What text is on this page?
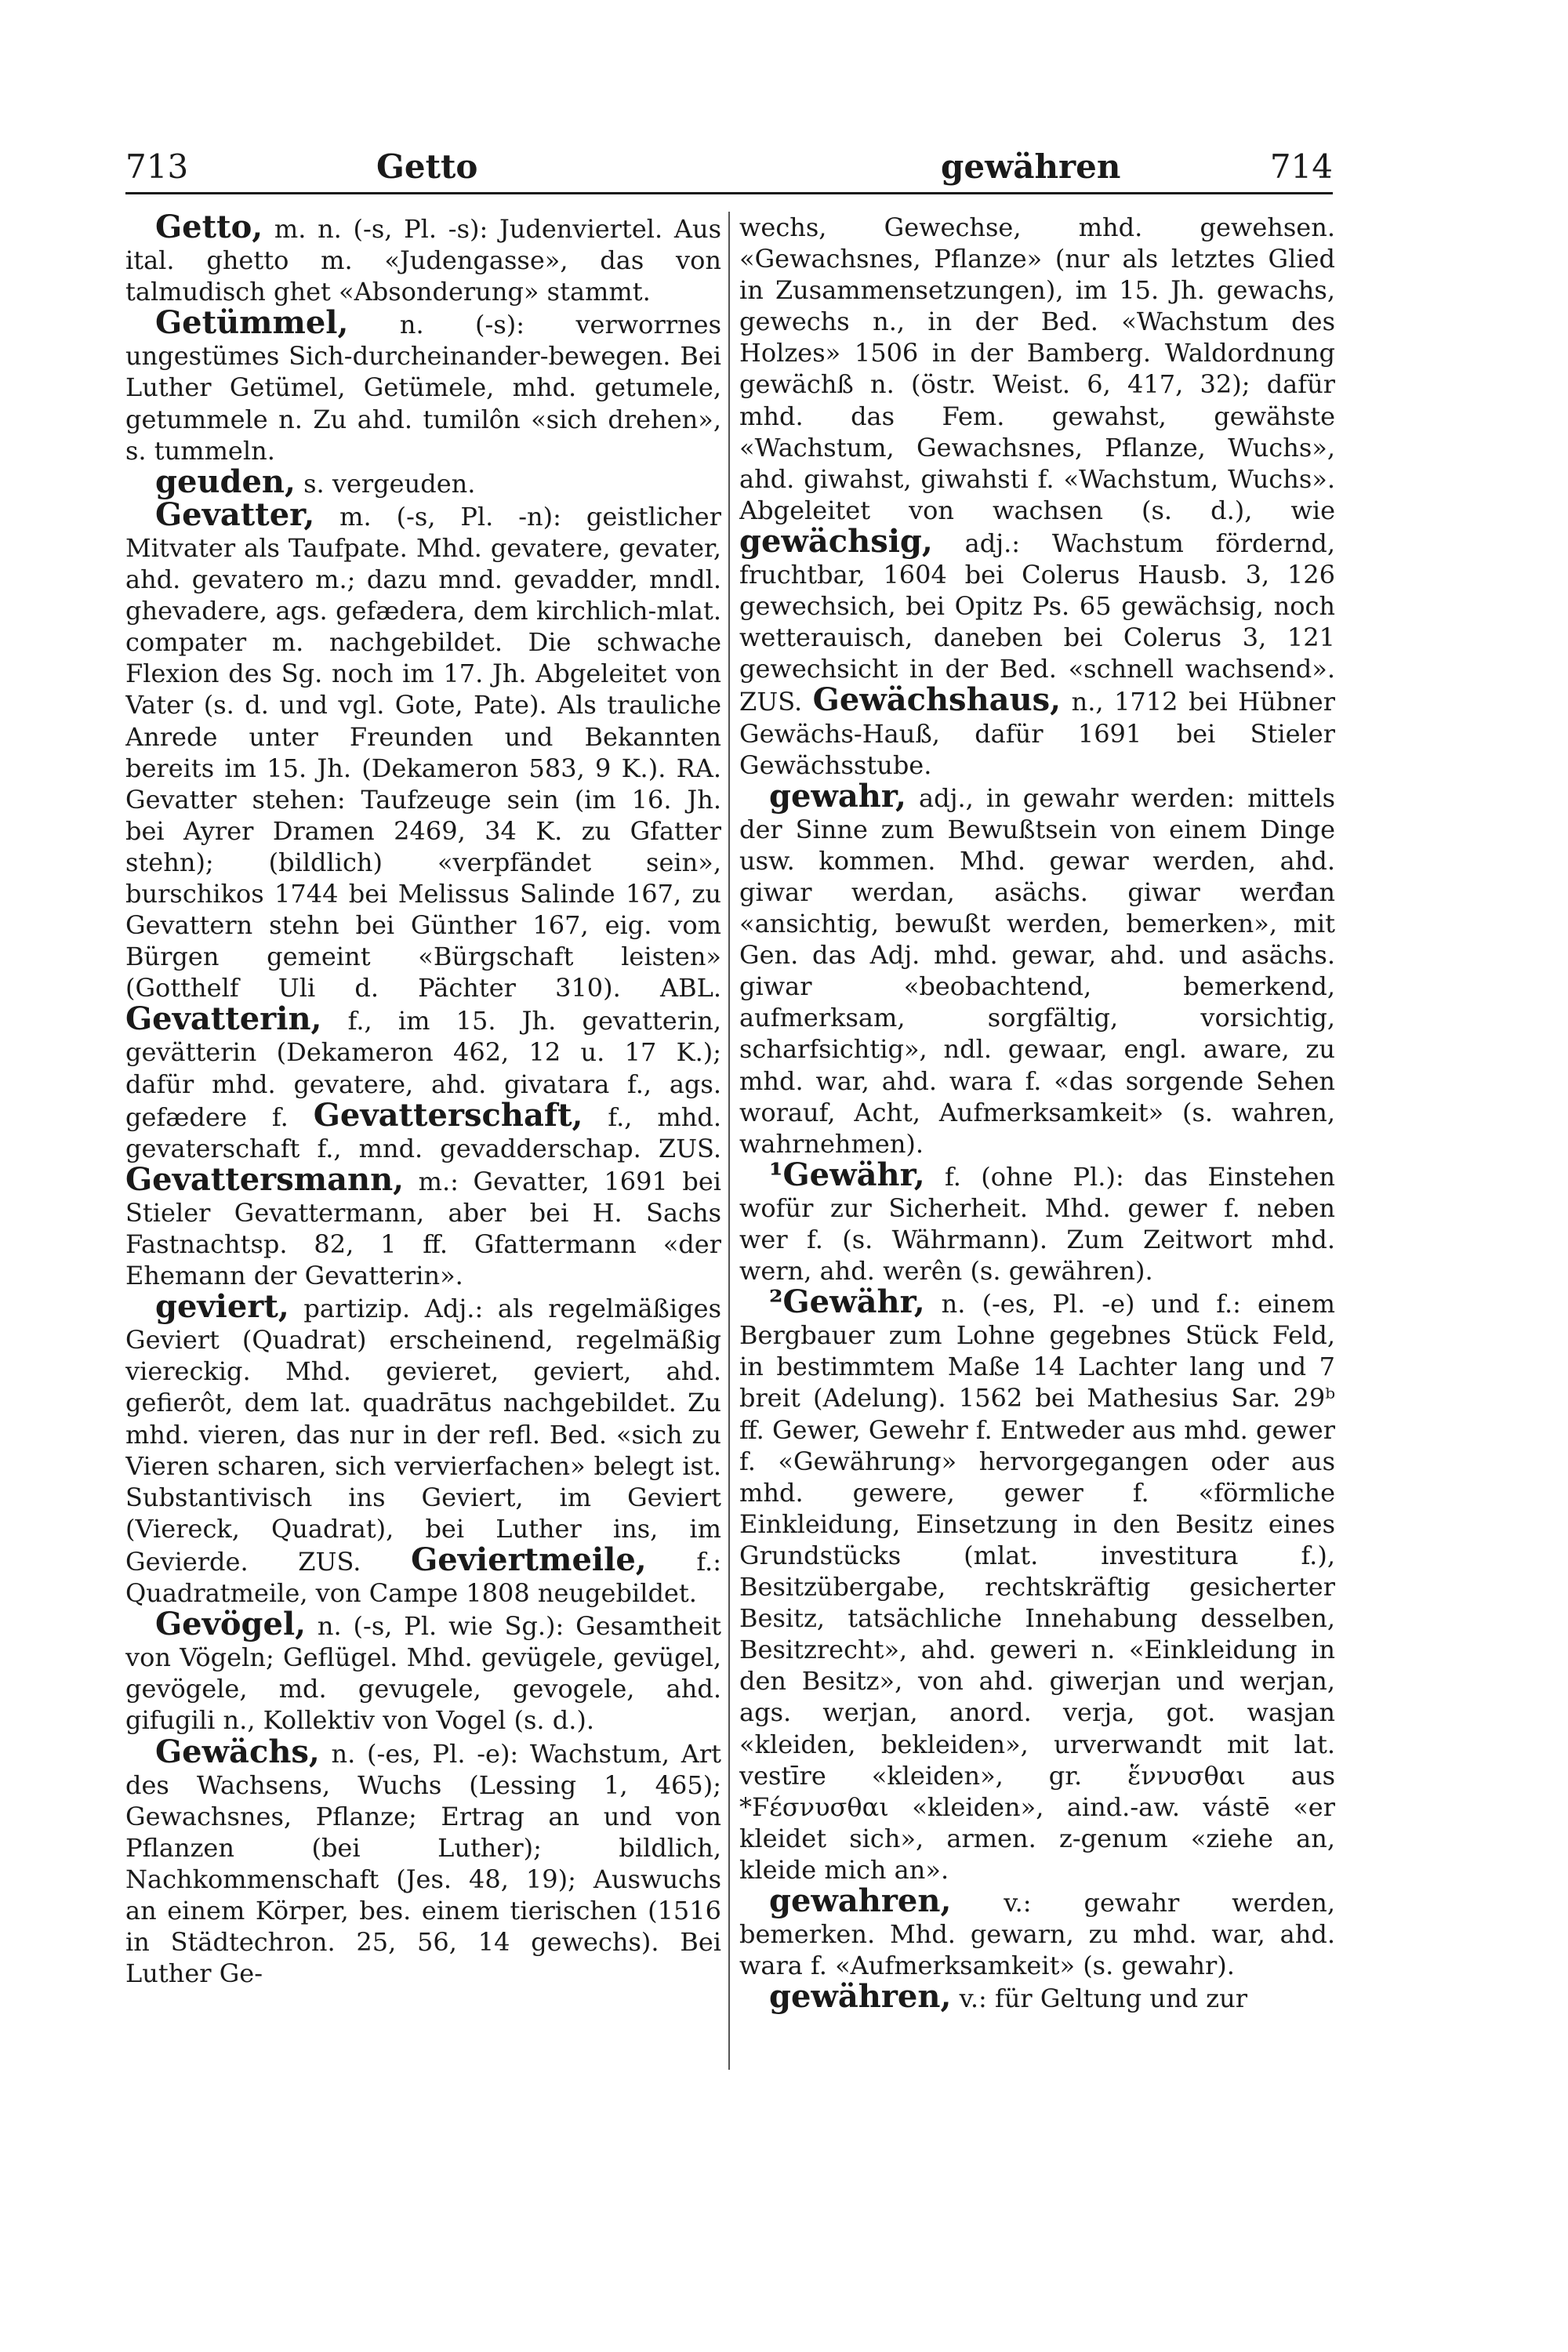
713	Getto	gewähren	714

Getto, m. n. (-s, Pl. -s): Judenviertel. Aus ital. ghetto m. «Judengasse», das von talmudisch ghet «Absonderung» stammt.

Getümmel, n. (-s): verworrnes ungestümes Sich-durcheinander-bewegen. Bei Luther Getümel, Getümele, mhd. getumele, getummele n. Zu ahd. tumilôn «sich drehen», s. tummeln.

geuden, s. vergeuden.

Gevatter, m. (-s, Pl. -n): geistlicher Mitvater als Taufpate. Mhd. gevatere, gevater, ahd. gevatero m.; dazu mnd. gevadder, mndl. ghevadere, ags. gefædera, dem kirchlich-mlat. compater m. nachgebildet. Die schwache Flexion des Sg. noch im 17. Jh. Abgeleitet von Vater (s. d. und vgl. Gote, Pate). Als trauliche Anrede unter Freunden und Bekannten bereits im 15. Jh. (Dekameron 583, 9 K.). RA. Gevatter stehen: Taufzeuge sein (im 16. Jh. bei Ayrer Dramen 2469, 34 K. zu Gfatter stehn); (bildlich) «verpfändet sein», burschikos 1744 bei Melissus Salinde 167, zu Gevattern stehn bei Günther 167, eig. vom Bürgen gemeint «Bürgschaft leisten» (Gotthelf Uli d. Pächter 310). ABL. Gevatterin, f., im 15. Jh. gevatterin, gevätterin (Dekameron 462, 12 u. 17 K.); dafür mhd. gevatere, ahd. givatara f., ags. gefædere f. Gevatterschaft, f., mhd. gevaterschaft f., mnd. gevadderschap. ZUS. Gevattersmann, m.: Gevatter, 1691 bei Stieler Gevattermann, aber bei H. Sachs Fastnachtsp. 82, 1 ff. Gfattermann «der Ehemann der Gevatterin».

geviert, partizip. Adj.: als regelmäßiges Geviert (Quadrat) erscheinend, regelmäßig viereckig. Mhd. gevieret, geviert, ahd. gefierôt, dem lat. quadrātus nachgebildet. Zu mhd. vieren, das nur in der refl. Bed. «sich zu Vieren scharen, sich vervierfachen» belegt ist. Substantivisch ins Geviert, im Geviert (Viereck, Quadrat), bei Luther ins, im Gevierde. ZUS. Geviertmeile, f.: Quadratmeile, von Campe 1808 neugebildet.

Gevögel, n. (-s, Pl. wie Sg.): Gesamtheit von Vögeln; Geflügel. Mhd. gevügele, gevügel, gevögele, md. gevugele, gevogele, ahd. gifugili n., Kollektiv von Vogel (s. d.).

Gewächs, n. (-es, Pl. -e): Wachstum, Art des Wachsens, Wuchs (Lessing 1, 465); Gewachsnes, Pflanze; Ertrag an und von Pflanzen (bei Luther); bildlich, Nachkommenschaft (Jes. 48, 19); Auswuchs an einem Körper, bes. einem tierischen (1516 in Städtechron. 25, 56, 14 gewechs). Bei Luther Ge-

wechs, Gewechse, mhd. gewehsen. «Gewachsnes, Pflanze» (nur als letztes Glied in Zusammensetzungen), im 15. Jh. gewachs, gewechs n., in der Bed. «Wachstum des Holzes» 1506 in der Bamberg. Waldordnung gewächß n. (östr. Weist. 6, 417, 32); dafür mhd. das Fem. gewahst, gewähste «Wachstum, Gewachsnes, Pflanze, Wuchs», ahd. giwahst, giwahsti f. «Wachstum, Wuchs». Abgeleitet von wachsen (s. d.), wie gewächsig, adj.: Wachstum fördernd, fruchtbar, 1604 bei Colerus Hausb. 3, 126 gewechsich, bei Opitz Ps. 65 gewächsig, noch wetterauisch, daneben bei Colerus 3, 121 gewechsicht in der Bed. «schnell wachsend». ZUS. Gewächshaus, n., 1712 bei Hübner Gewächs-Hauß, dafür 1691 bei Stieler Gewächsstube.

gewahr, adj., in gewahr werden: mittels der Sinne zum Bewußtsein von einem Dinge usw. kommen. Mhd. gewar werden, ahd. giwar werdan, asächs. giwar werđan «ansichtig, bewußt werden, bemerken», mit Gen. das Adj. mhd. gewar, ahd. und asächs. giwar «beobachtend, bemerkend, aufmerksam, sorgfältig, vorsichtig, scharfsichtig», ndl. gewaar, engl. aware, zu mhd. war, ahd. wara f. «das sorgende Sehen worauf, Acht, Aufmerksamkeit» (s. wahren, wahrnehmen).

¹Gewähr, f. (ohne Pl.): das Einstehen wofür zur Sicherheit. Mhd. gewer f. neben wer f. (s. Währmann). Zum Zeitwort mhd. wern, ahd. werên (s. gewähren).

²Gewähr, n. (-es, Pl. -e) und f.: einem Bergbauer zum Lohne gegebnes Stück Feld, in bestimmtem Maße 14 Lachter lang und 7 breit (Adelung). 1562 bei Mathesius Sar. 29ᵇ ff. Gewer, Gewehr f. Entweder aus mhd. gewer f. «Gewährung» hervorgegangen oder aus mhd. gewere, gewer f. «förmliche Einkleidung, Einsetzung in den Besitz eines Grundstücks (mlat. investitura f.), Besitzübergabe, rechtskräftig gesicherter Besitz, tatsächliche Innehabung desselben, Besitzrecht», ahd. geweri n. «Einkleidung in den Besitz», von ahd. giwerjan und werjan, ags. werjan, anord. verja, got. wasjan «kleiden, bekleiden», urverwandt mit lat. vestīre «kleiden», gr. ἕννυσθαι aus *Ϝέσνυσθαι «kleiden», aind.-aw. vástē «er kleidet sich», armen. z-genum «ziehe an, kleide mich an».

gewahren, v.: gewahr werden, bemerken. Mhd. gewarn, zu mhd. war, ahd. wara f. «Aufmerksamkeit» (s. gewahr).

gewähren, v.: für Geltung und zur
